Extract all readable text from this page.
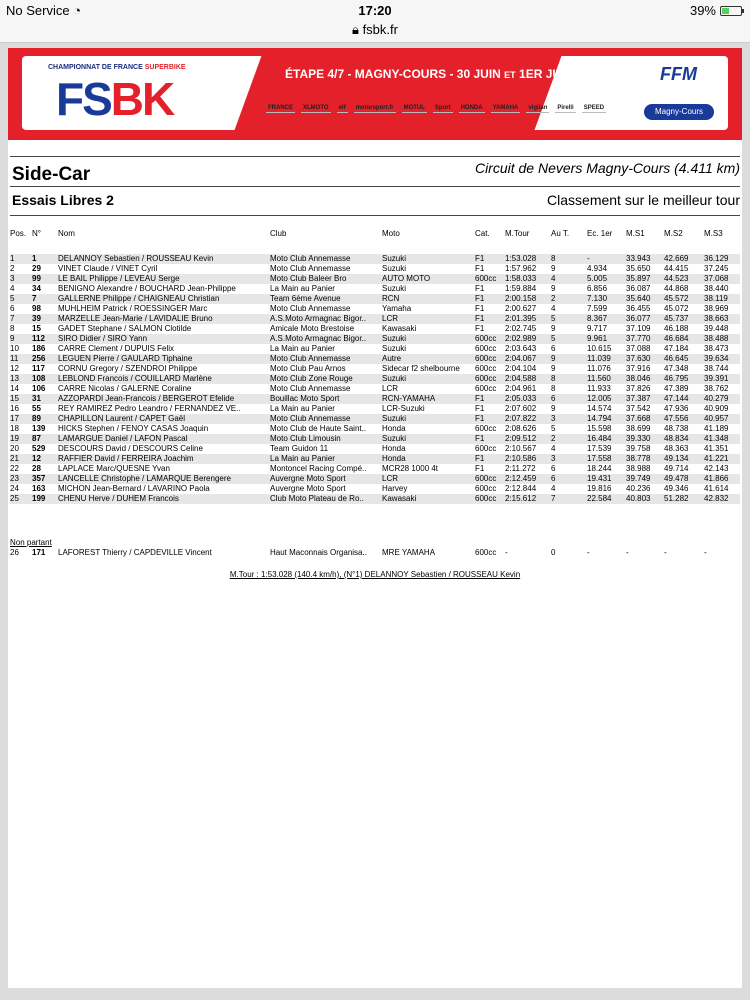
No Service ◔	17:20	39%
🔒︎ fsbk.fr
CHAMPIONNAT DE FRANCE SUPERBIKE
FSBK	ÉTAPE 4/7 - MAGNY-COURS - 30 JUIN ET 1ER JUILLET 2018
FRANCE	XLMOTO	elf	motorsport.fr	MOTUL	Sport	HONDA	YAMAHA	vigilan	Pirelli	SPEED
FFM
Magny-Cours
Side-Car	Circuit de Nevers Magny-Cours (4.411 km)
Essais Libres 2	Classement sur le meilleur tour
Pos. N°	Nom	Club	Moto	Cat.	M.Tour	Au T.	Ec. 1er	M.S1	M.S2	M.S3
1	1	DELANNOY Sebastien / ROUSSEAU Kevin	Moto Club Annemasse	Suzuki	F1	1:53.028	8	-	33.943	42.669	36.129
2	29	VINET Claude / VINET Cyril	Moto Club Annemasse	Suzuki	F1	1:57.962	9	4.934	35.650	44.415	37.245
3	99	LE BAIL Philippe / LEVEAU Serge	Moto Club Baleer Bro	AUTO MOTO	600cc	1:58.033	4	5.005	35.897	44.523	37.068
4	34	BENIGNO Alexandre / BOUCHARD Jean-Philippe	La Main au Panier	Suzuki	F1	1:59.884	9	6.856	36.087	44.868	38.440
5	7	GALLERNE Philippe / CHAIGNEAU Christian	Team 6ème Avenue	RCN	F1	2:00.158	2	7.130	35.640	45.572	38.119
6	98	MUHLHEIM Patrick / ROESSINGER Marc	Moto Club Annemasse	Yamaha	F1	2:00.627	4	7.599	36.455	45.072	38.969
7	39	MARZELLE Jean-Marie / LAVIDALIE Bruno	A.S.Moto Armagnac Bigor..	LCR	F1	2:01.395	5	8.367	36.077	45.737	38.663
8	15	GADET Stephane / SALMON Clotilde	Amicale Moto Brestoise	Kawasaki	F1	2:02.745	9	9.717	37.109	46.188	39.448
9	112	SIRO Didier / SIRO Yann	A.S.Moto Armagnac Bigor..	Suzuki	600cc	2:02.989	5	9.961	37.770	46.684	38.488
10	186	CARRE Clement / DUPUIS Felix	La Main au Panier	Suzuki	600cc	2:03.643	6	10.615	37.088	47.184	38.473
11	256	LEGUEN Pierre / GAULARD Tiphaine	Moto Club Annemasse	Autre	600cc	2:04.067	9	11.039	37.630	46.645	39.634
12	117	CORNU Gregory / SZENDROI Philippe	Moto Club Pau Arnos	Sidecar f2 shelbourne	600cc	2:04.104	9	11.076	37.916	47.348	38.744
13	108	LEBLOND Francois / COUILLARD Marlène	Moto Club Zone Rouge	Suzuki	600cc	2:04.588	8	11.560	38.046	46.795	39.391
14	106	CARRE Nicolas / GALERNE Coraline	Moto Club Annemasse	LCR	600cc	2:04.961	8	11.933	37.826	47.389	38.762
15	31	AZZOPARDI Jean-Francois / BERGEROT Efelide	Bouillac Moto Sport	RCN-YAMAHA	F1	2:05.033	6	12.005	37.387	47.144	40.279
16	55	REY RAMIREZ Pedro Leandro / FERNANDEZ VE..	La Main au Panier	LCR-Suzuki	F1	2:07.602	9	14.574	37.542	47.936	40.909
17	89	CHAPILLON Laurent / CAPET Gaël	Moto Club Annemasse	Suzuki	F1	2:07.822	3	14.794	37.668	47.556	40.957
18	139	HICKS Stephen / FENOY CASAS Joaquin	Moto Club de Haute Saint..	Honda	600cc	2:08.626	5	15.598	38.699	48.738	41.189
19	87	LAMARGUE Daniel / LAFON Pascal	Moto Club Limousin	Suzuki	F1	2:09.512	2	16.484	39.330	48.834	41.348
20	529	DESCOURS David / DESCOURS Celine	Team Guidon 11	Honda	600cc	2:10.567	4	17.539	39.758	48.363	41.351
21	12	RAFFIER David / FERREIRA Joachim	La Main au Panier	Honda	F1	2:10.586	3	17.558	38.778	49.134	41.221
22	28	LAPLACE Marc/QUESNE Yvan	Montoncel Racing Compé..	MCR28 1000 4t	F1	2:11.272	6	18.244	38.988	49.714	42.143
23	357	LANCELLE Christophe / LAMARQUE Berengere	Auvergne Moto Sport	LCR	600cc	2:12.459	6	19.431	39.749	49.478	41.866
24	163	MICHON Jean-Bernard / LAVARINO Paola	Auvergne Moto Sport	Harvey	600cc	2:12.844	4	19.816	40.236	49.346	41.614
25	199	CHENU Herve / DUHEM Francois	Club Moto Plateau de Ro..	Kawasaki	600cc	2:15.612	7	22.584	40.803	51.282	42.832
Non partant
26	171	LAFOREST Thierry / CAPDEVILLE Vincent	Haut Maconnais Organisa..	MRE YAMAHA	600cc	-	0	-	-	-	-
M.Tour : 1:53.028 (140.4 km/h), (N°1) DELANNOY Sebastien / ROUSSEAU Kevin
